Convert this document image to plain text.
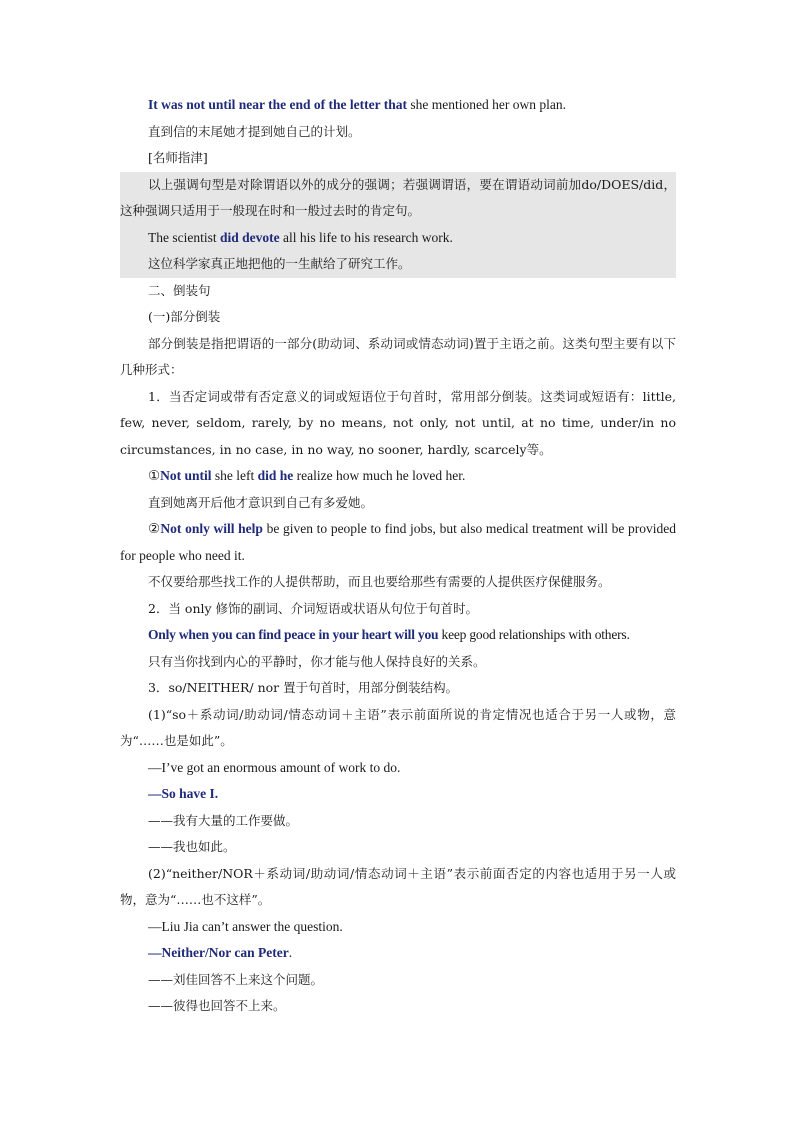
It was not until near the end of the letter that she mentioned her own plan.

直到信的末尾她才提到她自己的计划。

[名师指津]

以上强调句型是对除谓语以外的成分的强调；若强调谓语，要在谓语动词前加do/DOES/did，这种强调只适用于一般现在时和一般过去时的肯定句。

The scientist did devote all his life to his research work.

这位科学家真正地把他的一生献给了研究工作。

二、倒装句

(一)部分倒装

部分倒装是指把谓语的一部分(助动词、系动词或情态动词)置于主语之前。这类句型主要有以下几种形式：

1．当否定词或带有否定意义的词或短语位于句首时，常用部分倒装。这类词或短语有：little, few, never, seldom, rarely, by no means, not only, not until, at no time, under/in no circumstances, in no case, in no way, no sooner, hardly, scarcely等。

①Not until she left did he realize how much he loved her.

直到她离开后他才意识到自己有多爱她。

②Not only will help be given to people to find jobs, but also medical treatment will be provided for people who need it.

不仅要给那些找工作的人提供帮助，而且也要给那些有需要的人提供医疗保健服务。

2．当 only 修饰的副词、介词短语或状语从句位于句首时。

Only when you can find peace in your heart will you keep good relationships with others.

只有当你找到内心的平静时，你才能与他人保持良好的关系。

3．so/NEITHER/ nor 置于句首时，用部分倒装结构。

(1)“so＋系动词/助动词/情态动词＋主语”表示前面所说的肯定情况也适合于另一人或物，意为“……也是如此”。

—I’ve got an enormous amount of work to do.

—So have I.

——我有大量的工作要做。

——我也如此。

(2)“neither/NOR＋系动词/助动词/情态动词＋主语”表示前面否定的内容也适用于另一人或物，意为“……也不这样”。

—Liu Jia can’t answer the question.

—Neither/Nor can Peter.

——刘佳回答不上来这个问题。

——彼得也回答不上来。
